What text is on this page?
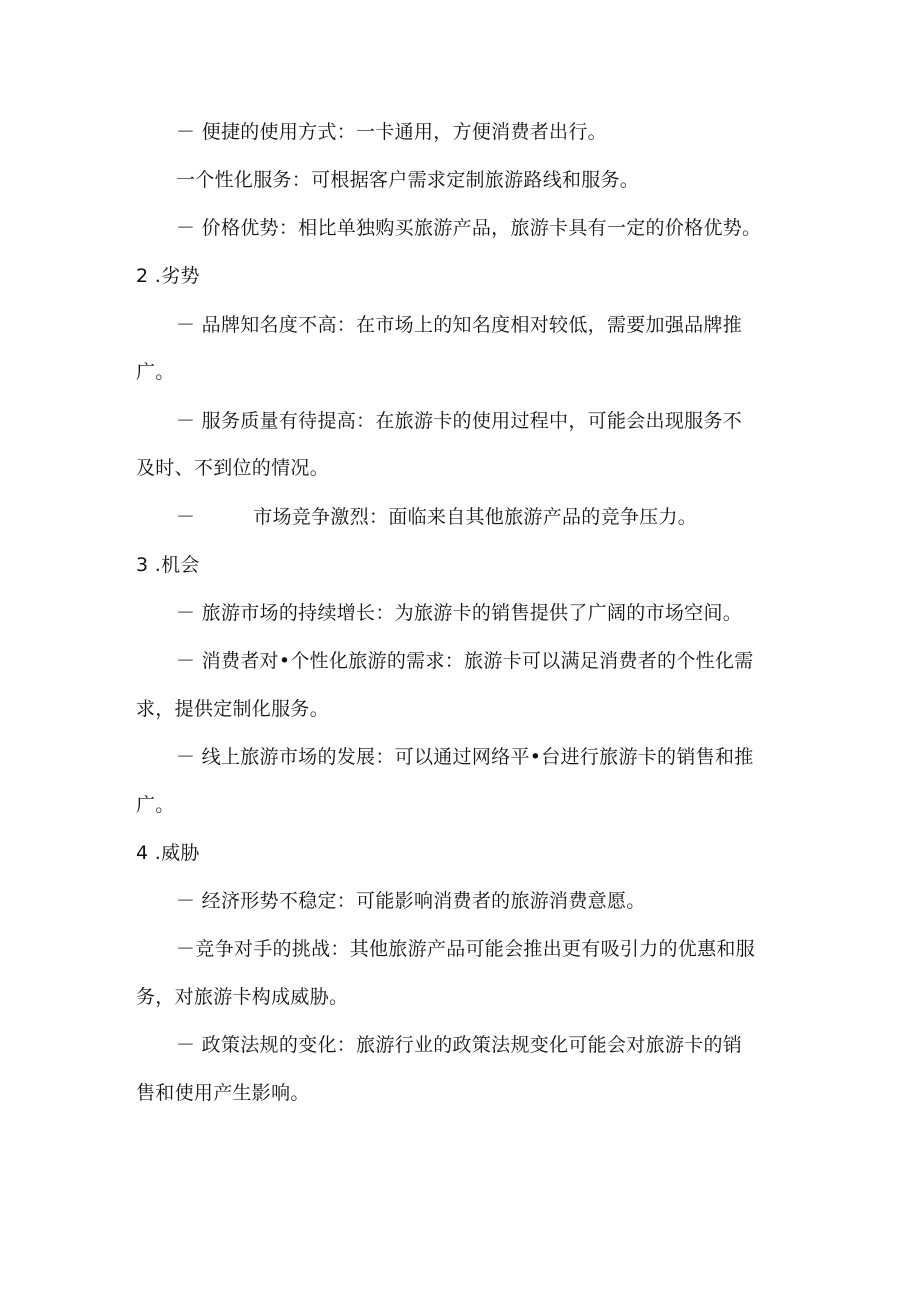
－ 便捷的使用方式：一卡通用，方便消费者出行。
一个性化服务：可根据客户需求定制旅游路线和服务。
－ 价格优势：相比单独购买旅游产品，旅游卡具有一定的价格优势。
2 .劣势
－ 品牌知名度不高：在市场上的知名度相对较低，需要加强品牌推
广。
－ 服务质量有待提高：在旅游卡的使用过程中，可能会出现服务不
及时、不到位的情况。
－　　　市场竞争激烈：面临来自其他旅游产品的竞争压力。
3 .机会
－ 旅游市场的持续增长：为旅游卡的销售提供了广阔的市场空间。
－ 消费者对•个性化旅游的需求：旅游卡可以满足消费者的个性化需
求，提供定制化服务。
－ 线上旅游市场的发展：可以通过网络平•台进行旅游卡的销售和推
广。
4 .威胁
－ 经济形势不稳定：可能影响消费者的旅游消费意愿。
－竞争对手的挑战：其他旅游产品可能会推出更有吸引力的优惠和服
务，对旅游卡构成威胁。
－ 政策法规的变化：旅游行业的政策法规变化可能会对旅游卡的销
售和使用产生影响。
